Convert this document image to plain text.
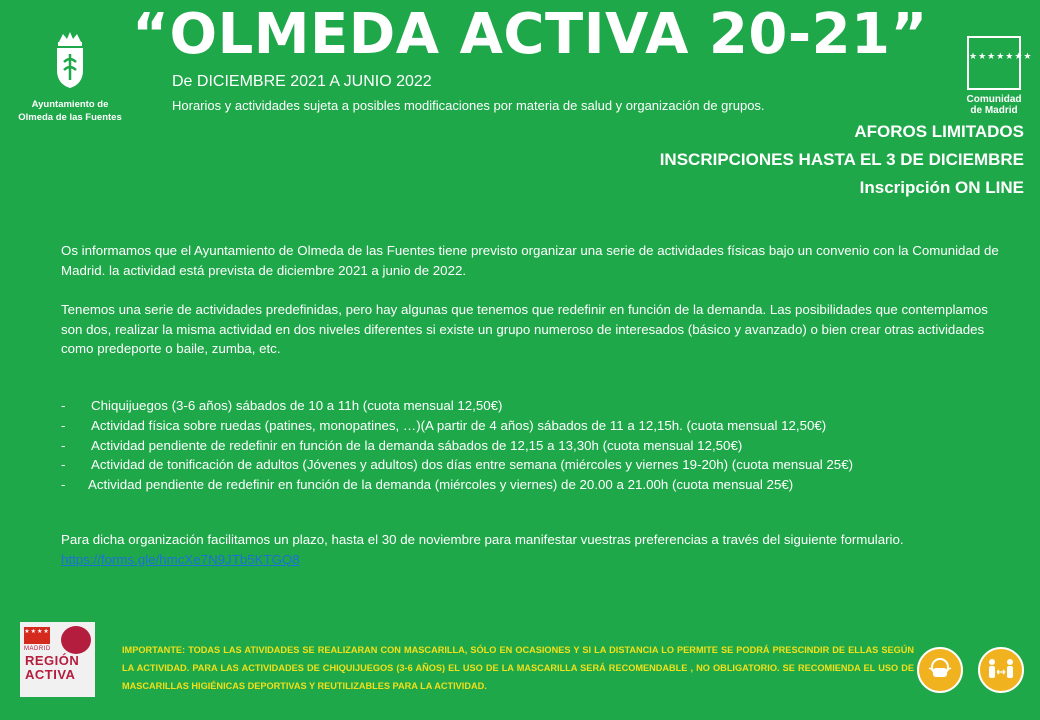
Ayuntamiento de
Olmeda de las Fuentes
“OLMEDA ACTIVA 20-21”
De DICIEMBRE 2021 A JUNIO 2022
Horarios y actividades sujeta a posibles modificaciones por materia de salud y organización de grupos.
★★★★★★★
Comunidad
de Madrid
AFOROS LIMITADOS
INSCRIPCIONES HASTA EL 3 DE DICIEMBRE
Inscripción ON LINE
Os informamos que el Ayuntamiento de Olmeda de las Fuentes tiene previsto organizar una serie de actividades físicas bajo un convenio con la Comunidad de Madrid. la actividad está prevista de diciembre 2021 a junio de 2022.
Tenemos una serie de actividades predefinidas, pero hay algunas que tenemos que redefinir en función de la demanda. Las posibilidades que contemplamos son dos, realizar la misma actividad en dos niveles diferentes si existe un grupo numeroso de interesados (básico y avanzado) o bien crear otras actividades como predeporte o baile, zumba, etc.
-	Chiquijuegos (3-6 años) sábados de 10 a 11h (cuota mensual 12,50€)
-	Actividad física sobre ruedas (patines, monopatines, …)(A partir de 4 años) sábados de 11 a 12,15h. (cuota mensual 12,50€)
-	Actividad pendiente de redefinir en función de la demanda sábados de 12,15 a 13,30h (cuota mensual 12,50€)
-	Actividad de tonificación de adultos (Jóvenes y adultos) dos días entre semana (miércoles y viernes 19-20h) (cuota mensual 25€)
-	Actividad pendiente de redefinir en función de la demanda (miércoles y viernes) de 20.00 a 21.00h (cuota mensual 25€)
Para dicha organización facilitamos un plazo, hasta el 30 de noviembre para manifestar vuestras preferencias a través del siguiente formulario.
https://forms.gle/hmcXe7N9JTb5KTGQ8
★★★★
MADRID
REGIÓN
ACTIVA
IMPORTANTE: TODAS LAS ATIVIDADES SE REALIZARAN CON MASCARILLA, SÓLO EN OCASIONES Y SI LA DISTANCIA LO PERMITE SE PODRÁ PRESCINDIR DE ELLAS SEGÚN LA ACTIVIDAD. PARA LAS ACTIVIDADES DE CHIQUIJUEGOS (3-6 AÑOS) EL USO DE LA MASCARILLA SERÁ RECOMENDABLE , NO OBLIGATORIO. SE RECOMIENDA EL USO DE MASCARILLAS HIGIÉNICAS DEPORTIVAS Y REUTILIZABLES PARA LA ACTIVIDAD.
